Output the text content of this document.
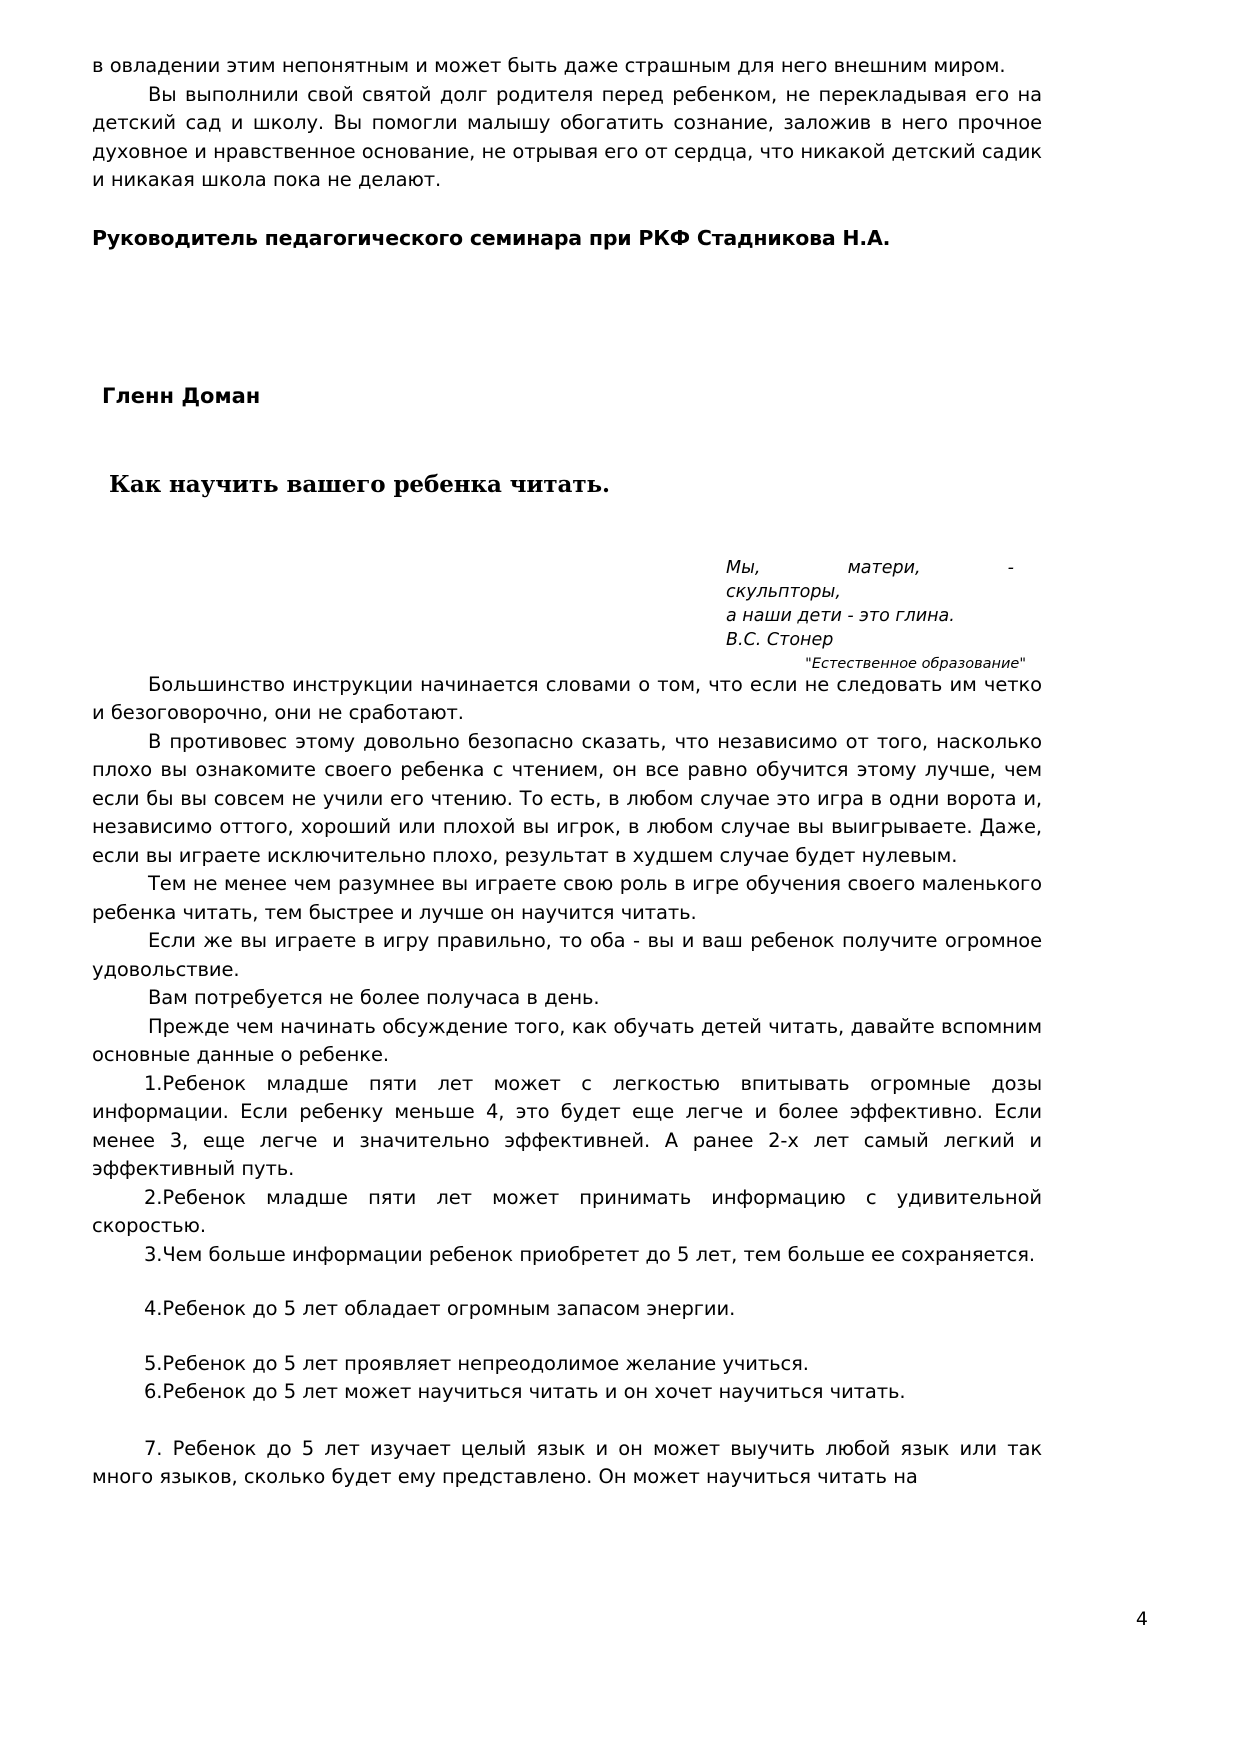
в овладении этим непонятным и может быть даже страшным для него внешним миром.

Вы выполнили свой святой долг родителя перед ребенком, не перекладывая его на детский сад и школу. Вы помогли малышу обогатить сознание, заложив в него прочное духовное и нравственное основание, не отрывая его от сердца, что никакой детский садик и никакая школа пока не делают.

Руководитель педагогического семинара при РКФ Стадникова Н.А.

Гленн Доман

Как научить вашего ребенка читать.

Большинство инструкции начинается словами о том, что если не следовать им четко и безоговорочно, они не сработают.

В противовес этому довольно безопасно сказать, что независимо от того, насколько плохо вы ознакомите своего ребенка с чтением, он все равно обучится этому лучше, чем если бы вы совсем не учили его чтению. То есть, в любом случае это игра в одни ворота и, независимо оттого, хороший или плохой вы игрок, в любом случае вы выигрываете. Даже, если вы играете исключительно плохо, результат в худшем случае будет нулевым.

Тем не менее чем разумнее вы играете свою роль в игре обучения своего маленького ребенка читать, тем быстрее и лучше он научится читать.

Если же вы играете в игру правильно, то оба - вы и ваш ребенок получите огромное удовольствие.

Вам потребуется не более получаса в день.

Прежде чем начинать обсуждение того, как обучать детей читать, давайте вспомним основные данные о ребенке.

1.Ребенок младше пяти лет может с легкостью впитывать огромные дозы информации. Если ребенку меньше 4, это будет еще легче и более эффективно. Если менее 3, еще легче и значительно эффективней. А ранее 2-х лет самый легкий и эффективный путь.

2.Ребенок младше пяти лет может принимать информацию с удивительной скоростью.

3.Чем больше информации ребенок приобретет до 5 лет, тем больше ее сохраняется.

4.Ребенок до 5 лет обладает огромным запасом энергии.

5.Ребенок до 5 лет проявляет непреодолимое желание учиться.

6.Ребенок до 5 лет может научиться читать и он хочет научиться читать.

7. Ребенок до 5 лет изучает целый язык и он может выучить любой язык или так много языков, сколько будет ему представлено. Он может научиться читать на

Мы,	матери,	-

скульпторы,

а наши дети - это глина.

В.С. Стонер

"Естественное образование"

4
